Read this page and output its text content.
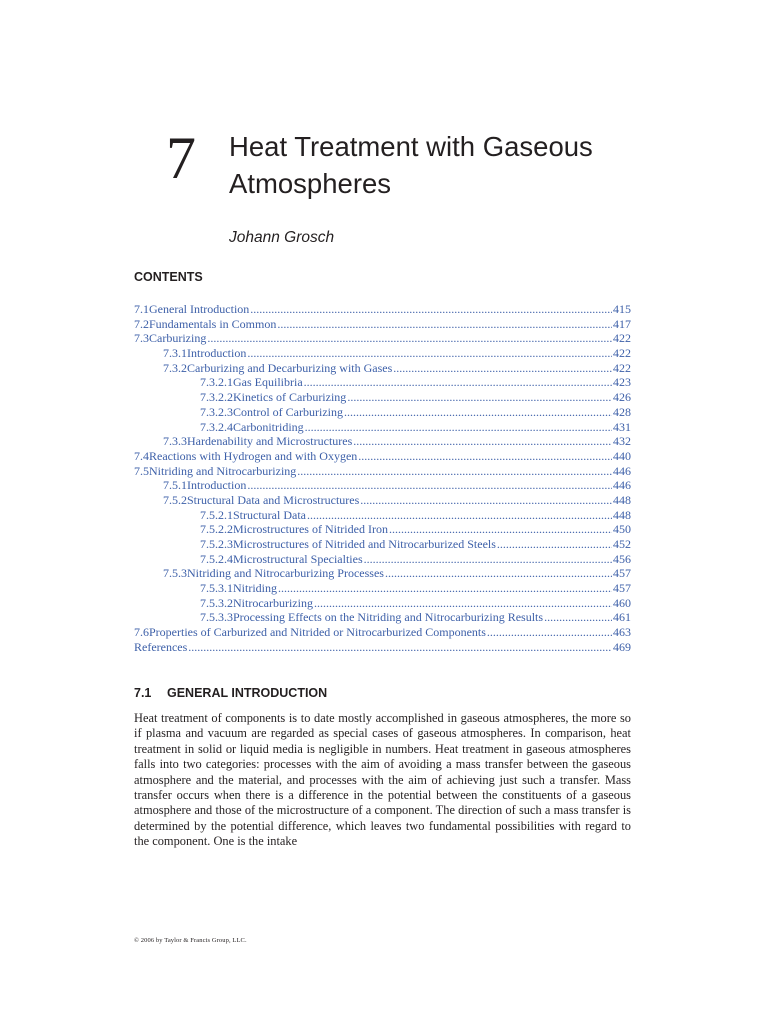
7 Heat Treatment with Gaseous Atmospheres
Johann Grosch
CONTENTS
7.1 General Introduction .....	415
7.2 Fundamentals in Common .....	417
7.3 Carburizing .....	422
7.3.1 Introduction .....	422
7.3.2 Carburizing and Decarburizing with Gases .....	422
7.3.2.1 Gas Equilibria .....	423
7.3.2.2 Kinetics of Carburizing .....	426
7.3.2.3 Control of Carburizing .....	428
7.3.2.4 Carbonitriding .....	431
7.3.3 Hardenability and Microstructures .....	432
7.4 Reactions with Hydrogen and with Oxygen .....	440
7.5 Nitriding and Nitrocarburizing .....	446
7.5.1 Introduction .....	446
7.5.2 Structural Data and Microstructures .....	448
7.5.2.1 Structural Data .....	448
7.5.2.2 Microstructures of Nitrided Iron .....	450
7.5.2.3 Microstructures of Nitrided and Nitrocarburized Steels .....	452
7.5.2.4 Microstructural Specialties .....	456
7.5.3 Nitriding and Nitrocarburizing Processes .....	457
7.5.3.1 Nitriding .....	457
7.5.3.2 Nitrocarburizing .....	460
7.5.3.3 Processing Effects on the Nitriding and Nitrocarburizing Results .....	461
7.6 Properties of Carburized and Nitrided or Nitrocarburized Components .....	463
References .....	469
7.1 GENERAL INTRODUCTION

Heat treatment of components is to date mostly accomplished in gaseous atmospheres, the more so if plasma and vacuum are regarded as special cases of gaseous atmospheres. In comparison, heat treatment in solid or liquid media is negligible in numbers. Heat treatment in gaseous atmospheres falls into two categories: processes with the aim of avoiding a mass transfer between the gaseous atmosphere and the material, and processes with the aim of achieving just such a transfer. Mass transfer occurs when there is a difference in the potential between the constituents of a gaseous atmosphere and those of the microstructure of a component. The direction of such a mass transfer is determined by the potential difference, which leaves two fundamental possibilities with regard to the component. One is the intake

© 2006 by Taylor & Francis Group, LLC.
